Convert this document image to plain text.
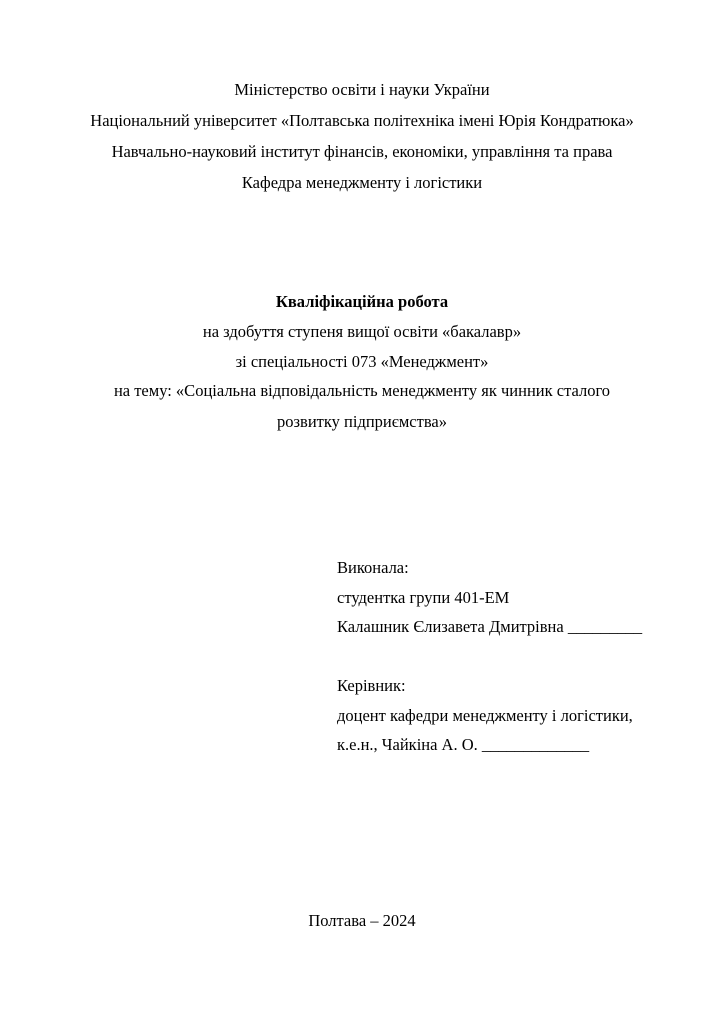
Міністерство освіти і науки України

Національний університет «Полтавська політехніка імені Юрія Кондратюка»

Навчально-науковий інститут фінансів, економіки, управління та права

Кафедра менеджменту і логістики

Кваліфікаційна робота

на здобуття ступеня вищої освіти «бакалавр»

зі спеціальності 073 «Менеджмент»

на тему: «Соціальна відповідальність менеджменту як чинник сталого

розвитку підприємства»

Виконала:

студентка групи 401-ЕМ

Калашник Єлизавета Дмитрівна _________

Керівник:

доцент кафедри менеджменту і логістики,

к.е.н., Чайкіна А. О. _____________

Полтава – 2024
